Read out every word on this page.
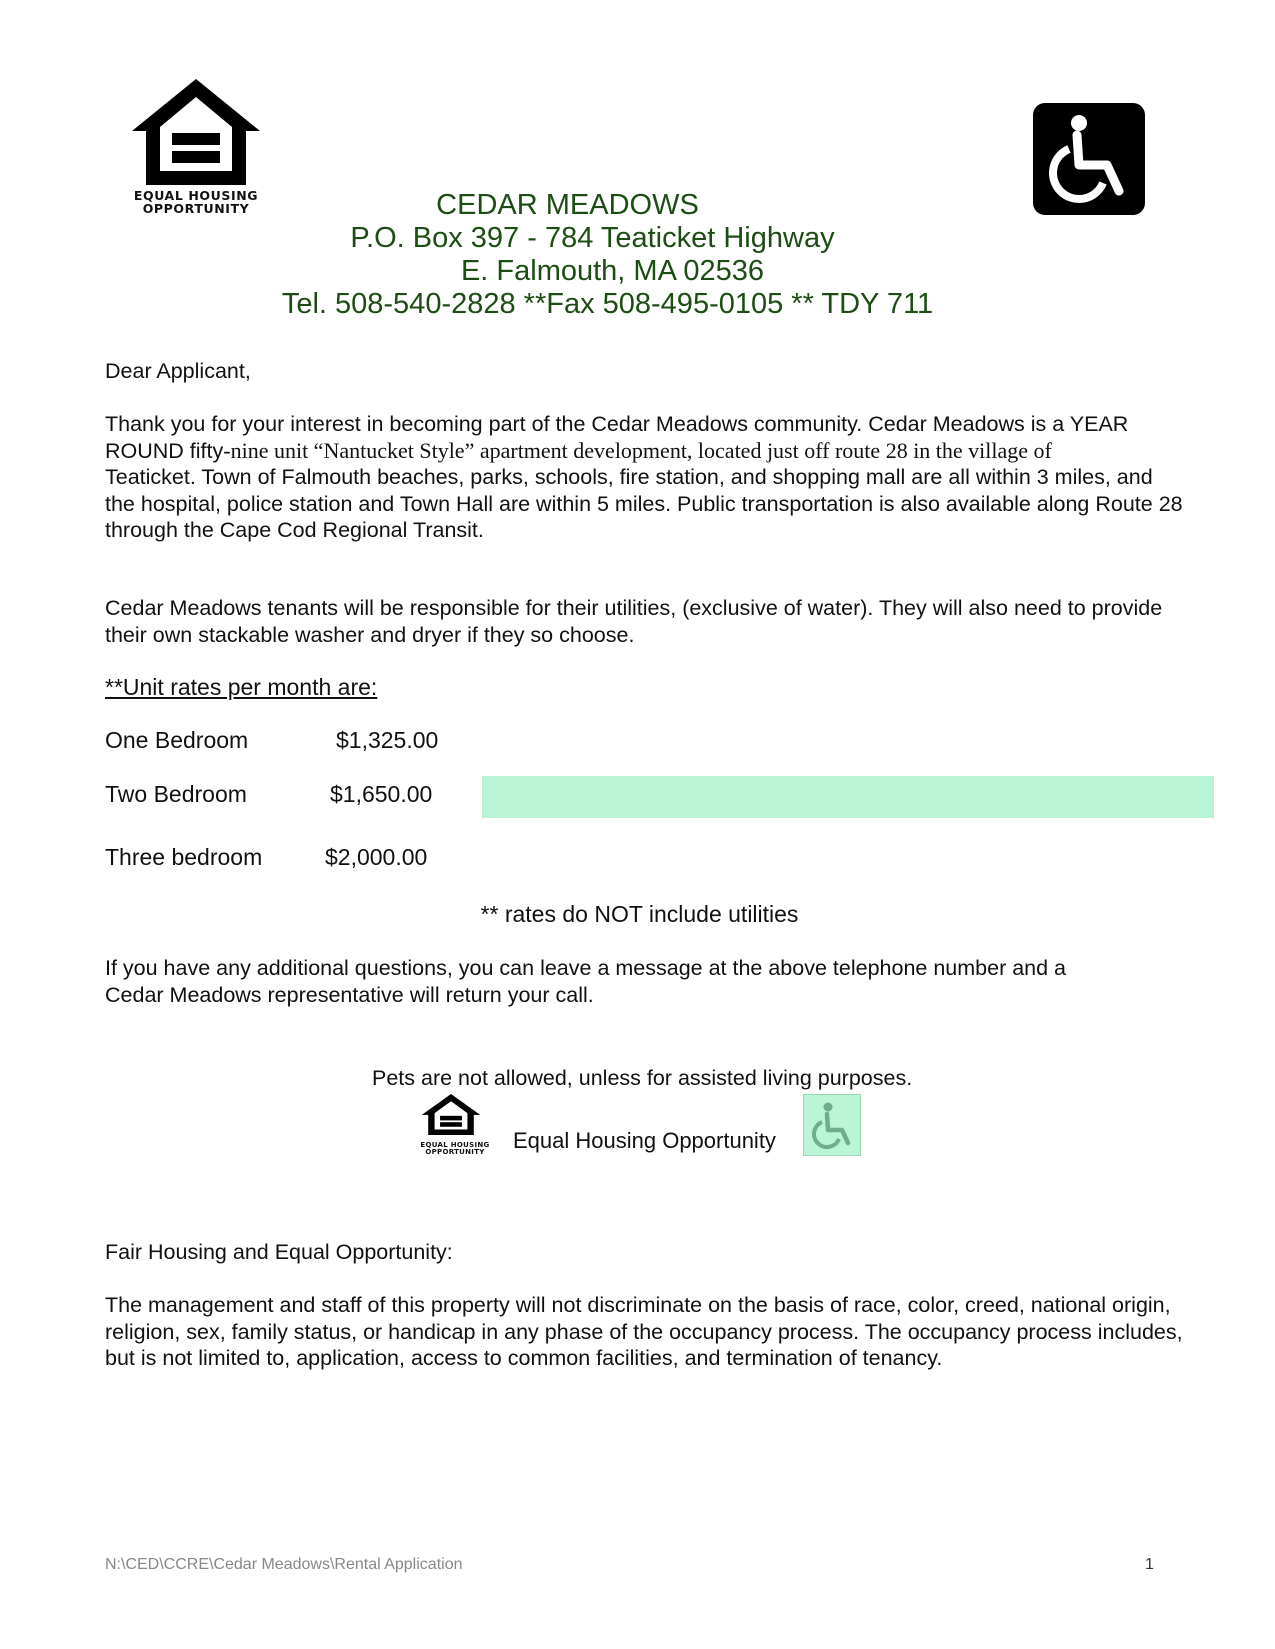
EQUAL HOUSING
OPPORTUNITY	CEDAR MEADOWS
P.O. Box 397 - 784 Teaticket Highway
E. Falmouth, MA 02536
Tel. 508-540-2828 **Fax 508-495-0105 ** TDY 711
Dear Applicant,
Thank you for your interest in becoming part of the Cedar Meadows community. Cedar Meadows is a YEAR
ROUND fifty-nine unit “Nantucket Style” apartment development, located just off route 28 in the village of
Teaticket. Town of Falmouth beaches, parks, schools, fire station, and shopping mall are all within 3 miles, and the hospital, police station and Town Hall are within 5 miles. Public transportation is also available along Route 28 through the Cape Cod Regional Transit.
Cedar Meadows tenants will be responsible for their utilities, (exclusive of water). They will also need to provide their own stackable washer and dryer if they so choose.
**Unit rates per month are:
One Bedroom	$1,325.00
Two Bedroom	$1,650.00
Three bedroom	$2,000.00
** rates do NOT include utilities
If you have any additional questions, you can leave a message at the above telephone number and a Cedar Meadows representative will return your call.
Pets are not allowed, unless for assisted living purposes.
EQUAL HOUSING
OPPORTUNITY Equal Housing Opportunity
Fair Housing and Equal Opportunity:
The management and staff of this property will not discriminate on the basis of race, color, creed, national origin, religion, sex, family status, or handicap in any phase of the occupancy process. The occupancy process includes, but is not limited to, application, access to common facilities, and termination of tenancy.
N:\CED\CCRE\Cedar Meadows\Rental Application	1
